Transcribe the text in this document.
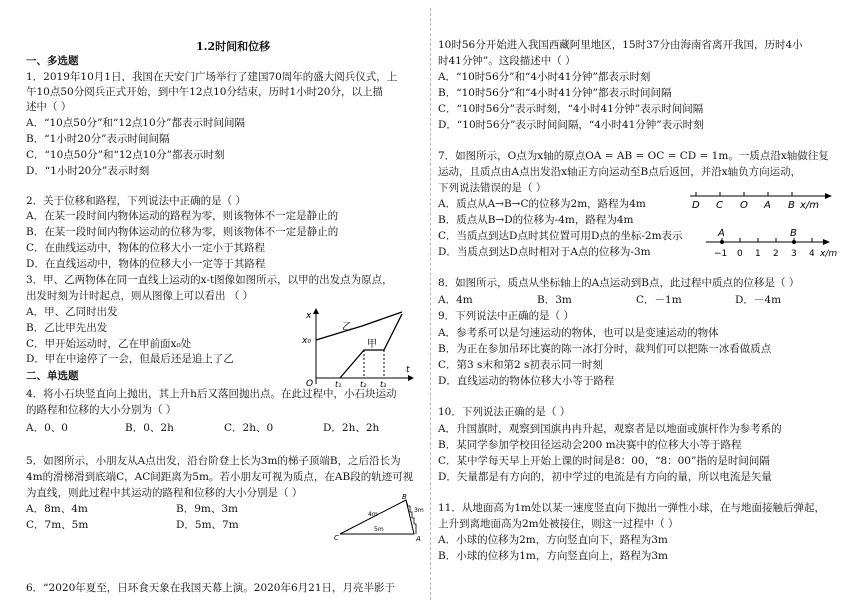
1.2时间和位移
一、多选题
1．2019年10月1日，我国在天安门广场举行了建国70周年的盛大阅兵仪式，上
午10点50分阅兵正式开始，到中午12点10分结束，历时1小时20分，以上描
述中（ ）
A．“10点50分”和“12点10分”都表示时间间隔
B．“1小时20分”表示时间间隔
C．“10点50分”和“12点10分”都表示时刻
D．“1小时20分”表示时刻
2．关于位移和路程，下列说法中正确的是（ ）
A．在某一段时间内物体运动的路程为零，则该物体不一定是静止的
B．在某一段时间内物体运动的位移为零，则该物体不一定是静止的
C．在曲线运动中，物体的位移大小一定小于其路程
D．在直线运动中，物体的位移大小一定等于其路程
3．甲、乙两物体在同一直线上运动的x-t图像如图所示，以甲的出发点为原点，
出发时刻为计时起点，则从图像上可以看出 （ ）
A．甲、乙同时出发
B．乙比甲先出发
C．甲开始运动时，乙在甲前面x₀处
D．甲在中途停了一会，但最后还是追上了乙
x
x₀
O
t
乙
甲
t₁ t₂ t₃
二、单选题
4．将小石块竖直向上抛出，其上升h后又落回抛出点。在此过程中，小石块运动
的路程和位移的大小分别为（ ）
A．0、0	B．0、2h	C．2h、0	D．2h、2h
5．如图所示，小朋友从A点出发，沿台阶登上长为3m的梯子顶端B，之后沿长为
4m的滑梯滑到底端C，AC间距离为5m。若小朋友可视为质点，在AB段的轨迹可视
为直线，则此过程中其运动的路程和位移的大小分别是（ ）
A．8m、4m	B．9m、3m
C．7m、5m	D．5m、7m
C	A
B
4m
5m
3m
6．“2020年夏至，日环食天象在我国天幕上演。2020年6月21日，月亮半影于
10时56分开始进入我国西藏阿里地区，15时37分由海南省离开我国，历时4小
时41分钟”。这段描述中（ ）
A．“10时56分”和“4小时41分钟”都表示时刻
B．“10时56分”和“4小时41分钟”都表示时间间隔
C．“10时56分”表示时刻，“4小时41分钟”表示时间间隔
D．“10时56分”表示时间间隔，“4小时41分钟”表示时刻
7．如图所示，O点为x轴的原点OA = AB = OC = CD = 1m。一质点沿x轴做往复
运动，且质点由A点出发沿x轴正方向运动至B点后返回，并沿x轴负方向运动，
下列说法错误的是（ ）
A．质点从A→B→C的位移为2m，路程为4m
B．质点从B→D的位移为-4m，路程为4m
C．当质点到达D点时其位置可用D点的坐标-2m表示
D．当质点到达D点时相对于A点的位移为-3m
D C O A B x/m
A	B
−1 0 1 2 3 4 x/m
8．如图所示，质点从坐标轴上的A点运动到B点，此过程中质点的位移是（ ）
A．4m	B．3m	C．－1m	D．－4m
9．下列说法中正确的是（ ）
A．参考系可以是匀速运动的物体，也可以是变速运动的物体
B．为正在参加吊环比赛的陈一冰打分时，裁判们可以把陈一冰看做质点
C．第3 s末和第2 s初表示同一时刻
D．直线运动的物体位移大小等于路程
10．下列说法正确的是（ ）
A．升国旗时，观察到国旗冉冉升起，观察者是以地面或旗杆作为参考系的
B．某同学参加学校田径运动会200 m决赛中的位移大小等于路程
C．某中学每天早上开始上课的时间是8：00，“8：00”指的是时间间隔
D．矢量都是有方向的，初中学过的电流是有方向的量，所以电流是矢量
11．从地面高为1m处以某一速度竖直向下抛出一弹性小球，在与地面接触后弹起，
上升到离地面高为2m处被接住，则这一过程中（ ）
A．小球的位移为2m，方向竖直向下，路程为3m
B．小球的位移为1m，方向竖直向上，路程为3m
